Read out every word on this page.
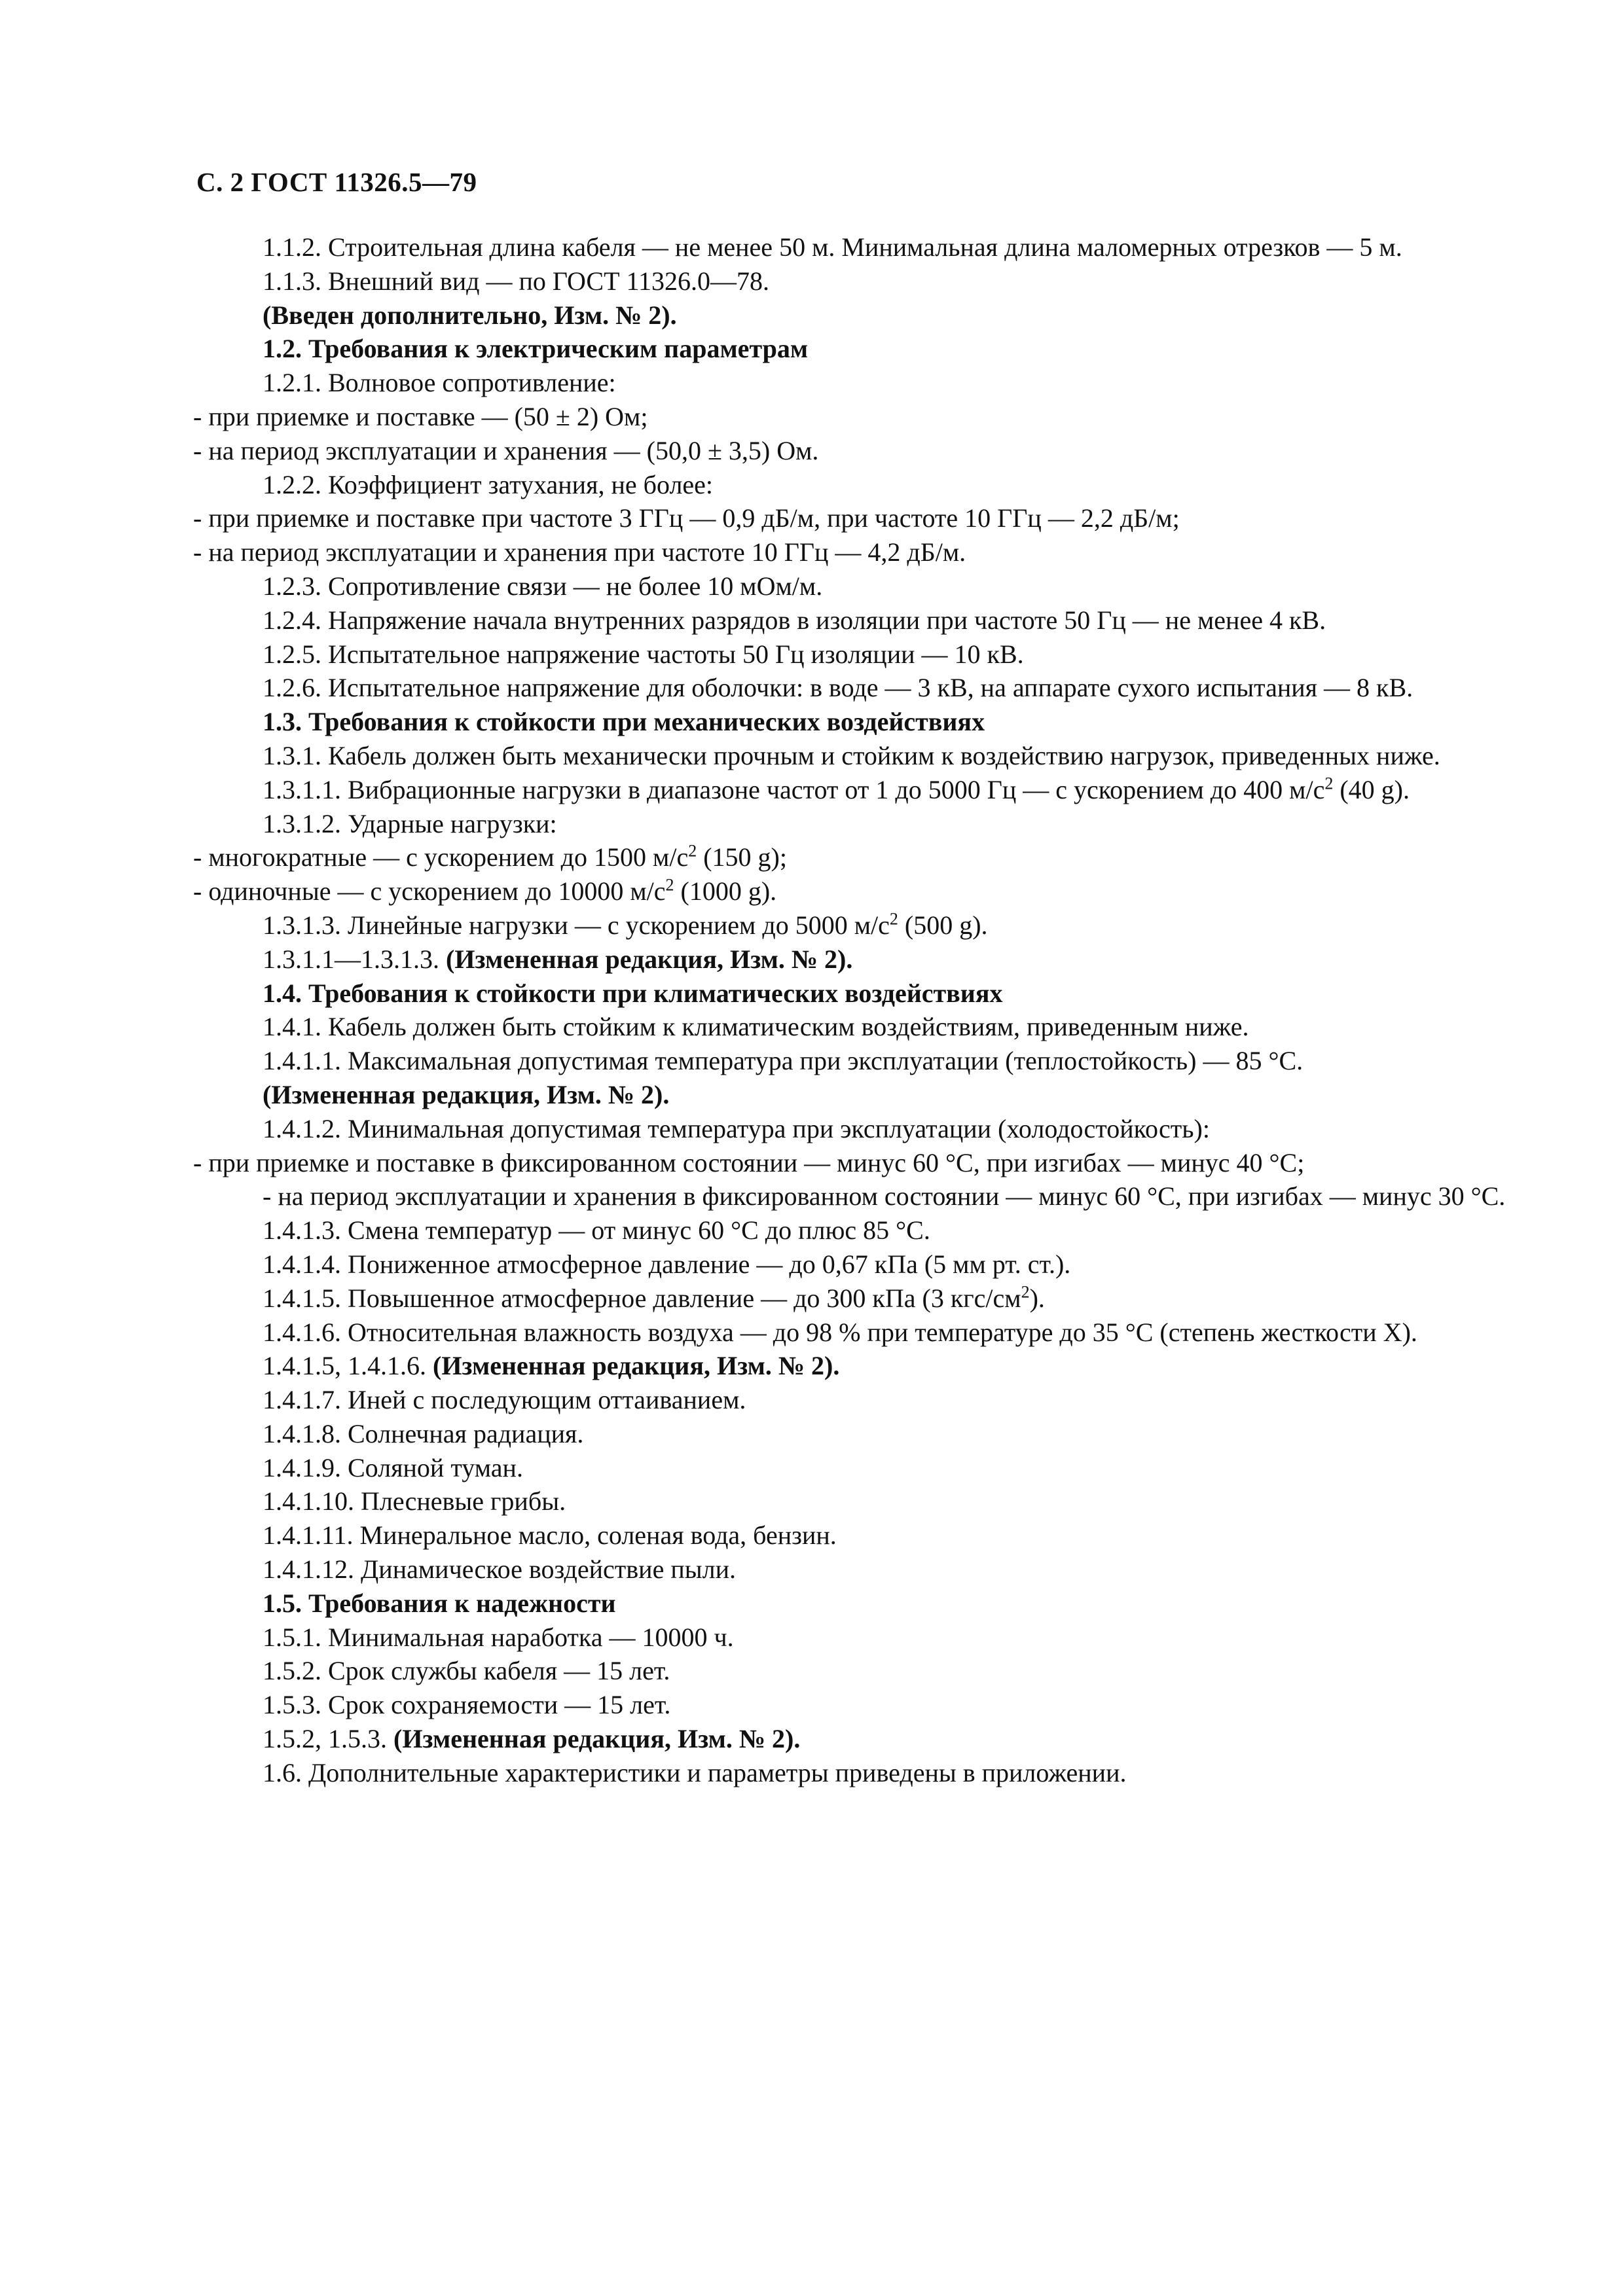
С. 2 ГОСТ 11326.5—79

1.1.2. Строительная длина кабеля — не менее 50 м. Минимальная длина маломерных отрезков — 5 м.

1.1.3. Внешний вид — по ГОСТ 11326.0—78.

(Введен дополнительно, Изм. № 2).

1.2. Требования к электрическим параметрам

1.2.1. Волновое сопротивление:

- при приемке и поставке — (50 ± 2) Ом;

- на период эксплуатации и хранения — (50,0 ± 3,5) Ом.

1.2.2. Коэффициент затухания, не более:

- при приемке и поставке при частоте 3 ГГц — 0,9 дБ/м, при частоте 10 ГГц — 2,2 дБ/м;

- на период эксплуатации и хранения при частоте 10 ГГц — 4,2 дБ/м.

1.2.3. Сопротивление связи — не более 10 мОм/м.

1.2.4. Напряжение начала внутренних разрядов в изоляции при частоте 50 Гц — не менее 4 кВ.

1.2.5. Испытательное напряжение частоты 50 Гц изоляции — 10 кВ.

1.2.6. Испытательное напряжение для оболочки: в воде — 3 кВ, на аппарате сухого испытания — 8 кВ.

1.3. Требования к стойкости при механических воздействиях

1.3.1. Кабель должен быть механически прочным и стойким к воздействию нагрузок, приведенных ниже.

1.3.1.1. Вибрационные нагрузки в диапазоне частот от 1 до 5000 Гц — с ускорением до 400 $м/с^2$ (40 g).

1.3.1.2. Ударные нагрузки:

- многократные — с ускорением до 1500 $м/с^2$ (150 g);

- одиночные — с ускорением до 10000 $м/с^2$ (1000 g).

1.3.1.3. Линейные нагрузки — с ускорением до 5000 $м/с^2$ (500 g).

1.3.1.1—1.3.1.3. (Измененная редакция, Изм. № 2).

1.4. Требования к стойкости при климатических воздействиях

1.4.1. Кабель должен быть стойким к климатическим воздействиям, приведенным ниже.

1.4.1.1. Максимальная допустимая температура при эксплуатации (теплостойкость) — 85 °С.

(Измененная редакция, Изм. № 2).

1.4.1.2. Минимальная допустимая температура при эксплуатации (холодостойкость):

- при приемке и поставке в фиксированном состоянии — минус 60 °С, при изгибах — минус 40 °С;

- на период эксплуатации и хранения в фиксированном состоянии — минус 60 °С, при изгибах — минус 30 °С.

1.4.1.3. Смена температур — от минус 60 °С до плюс 85 °С.

1.4.1.4. Пониженное атмосферное давление — до 0,67 кПа (5 мм рт. ст.).

1.4.1.5. Повышенное атмосферное давление — до 300 кПа (3 кгс/$см^2$).

1.4.1.6. Относительная влажность воздуха — до 98 % при температуре до 35 °С (степень жесткости X).

1.4.1.5, 1.4.1.6. (Измененная редакция, Изм. № 2).

1.4.1.7. Иней с последующим оттаиванием.

1.4.1.8. Солнечная радиация.

1.4.1.9. Соляной туман.

1.4.1.10. Плесневые грибы.

1.4.1.11. Минеральное масло, соленая вода, бензин.

1.4.1.12. Динамическое воздействие пыли.

1.5. Требования к надежности

1.5.1. Минимальная наработка — 10000 ч.

1.5.2. Срок службы кабеля — 15 лет.

1.5.3. Срок сохраняемости — 15 лет.

1.5.2, 1.5.3. (Измененная редакция, Изм. № 2).

1.6. Дополнительные характеристики и параметры приведены в приложении.
